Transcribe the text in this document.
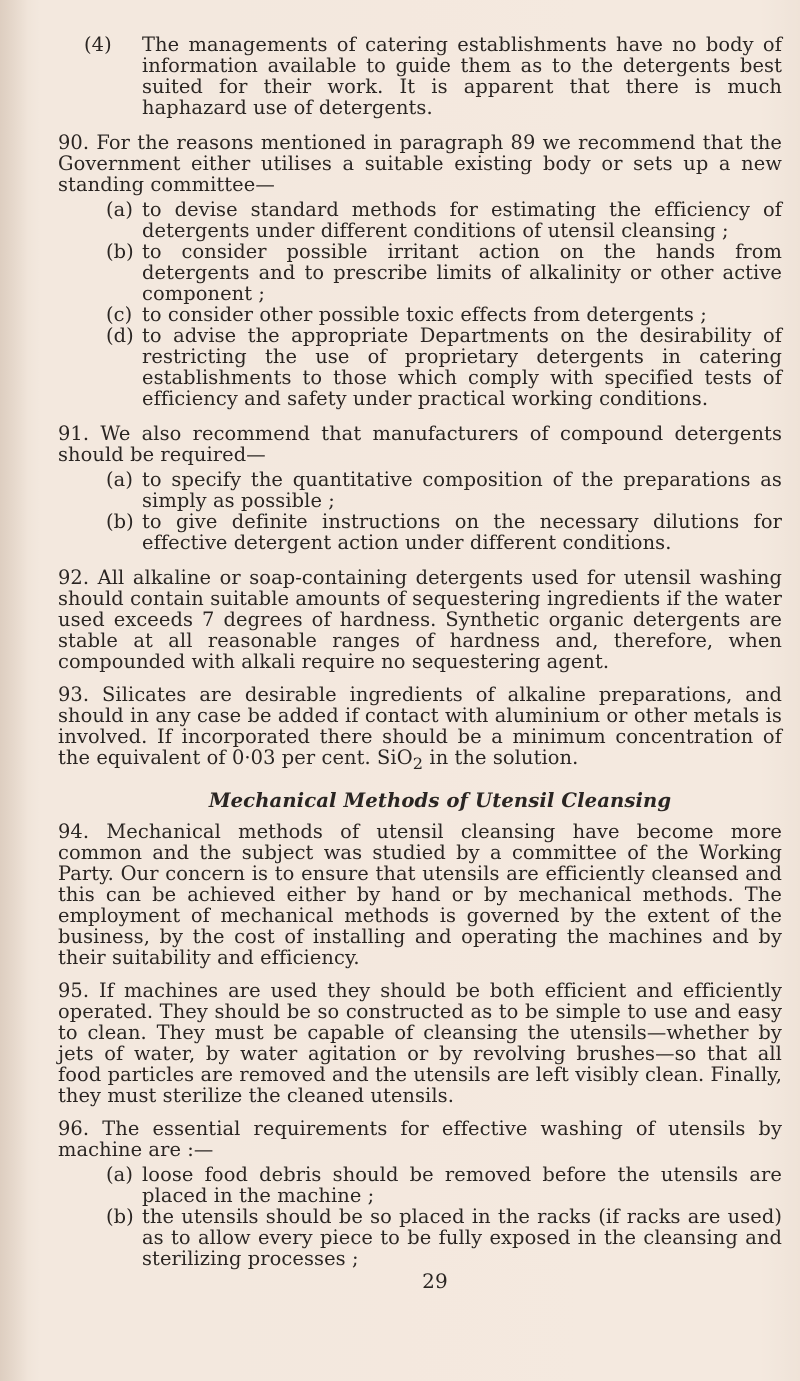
(4) The managements of catering establishments have no body of information available to guide them as to the detergents best suited for their work. It is apparent that there is much haphazard use of detergents.

90. For the reasons mentioned in paragraph 89 we recommend that the Government either utilises a suitable existing body or sets up a new standing committee—

(a) to devise standard methods for estimating the efficiency of detergents under different conditions of utensil cleansing ;
(b) to consider possible irritant action on the hands from detergents and to prescribe limits of alkalinity or other active component ;
(c) to consider other possible toxic effects from detergents ;
(d) to advise the appropriate Departments on the desirability of restricting the use of proprietary detergents in catering establishments to those which comply with specified tests of efficiency and safety under practical working conditions.

91. We also recommend that manufacturers of compound detergents should be required—

(a) to specify the quantitative composition of the preparations as simply as possible ;
(b) to give definite instructions on the necessary dilutions for effective detergent action under different conditions.

92. All alkaline or soap-containing detergents used for utensil washing should contain suitable amounts of sequestering ingredients if the water used exceeds 7 degrees of hardness. Synthetic organic detergents are stable at all reasonable ranges of hardness and, therefore, when compounded with alkali require no sequestering agent.

93. Silicates are desirable ingredients of alkaline preparations, and should in any case be added if contact with aluminium or other metals is involved. If incorporated there should be a minimum concentration of the equivalent of 0·03 per cent. SiO$_2$ in the solution.

Mechanical Methods of Utensil Cleansing

94. Mechanical methods of utensil cleansing have become more common and the subject was studied by a committee of the Working Party. Our concern is to ensure that utensils are efficiently cleansed and this can be achieved either by hand or by mechanical methods. The employment of mechanical methods is governed by the extent of the business, by the cost of installing and operating the machines and by their suitability and efficiency.

95. If machines are used they should be both efficient and efficiently operated. They should be so constructed as to be simple to use and easy to clean. They must be capable of cleansing the utensils—whether by jets of water, by water agitation or by revolving brushes—so that all food particles are removed and the utensils are left visibly clean. Finally, they must sterilize the cleaned utensils.

96. The essential requirements for effective washing of utensils by machine are :—

(a) loose food debris should be removed before the utensils are placed in the machine ;
(b) the utensils should be so placed in the racks (if racks are used) as to allow every piece to be fully exposed in the cleansing and sterilizing processes ;
29
